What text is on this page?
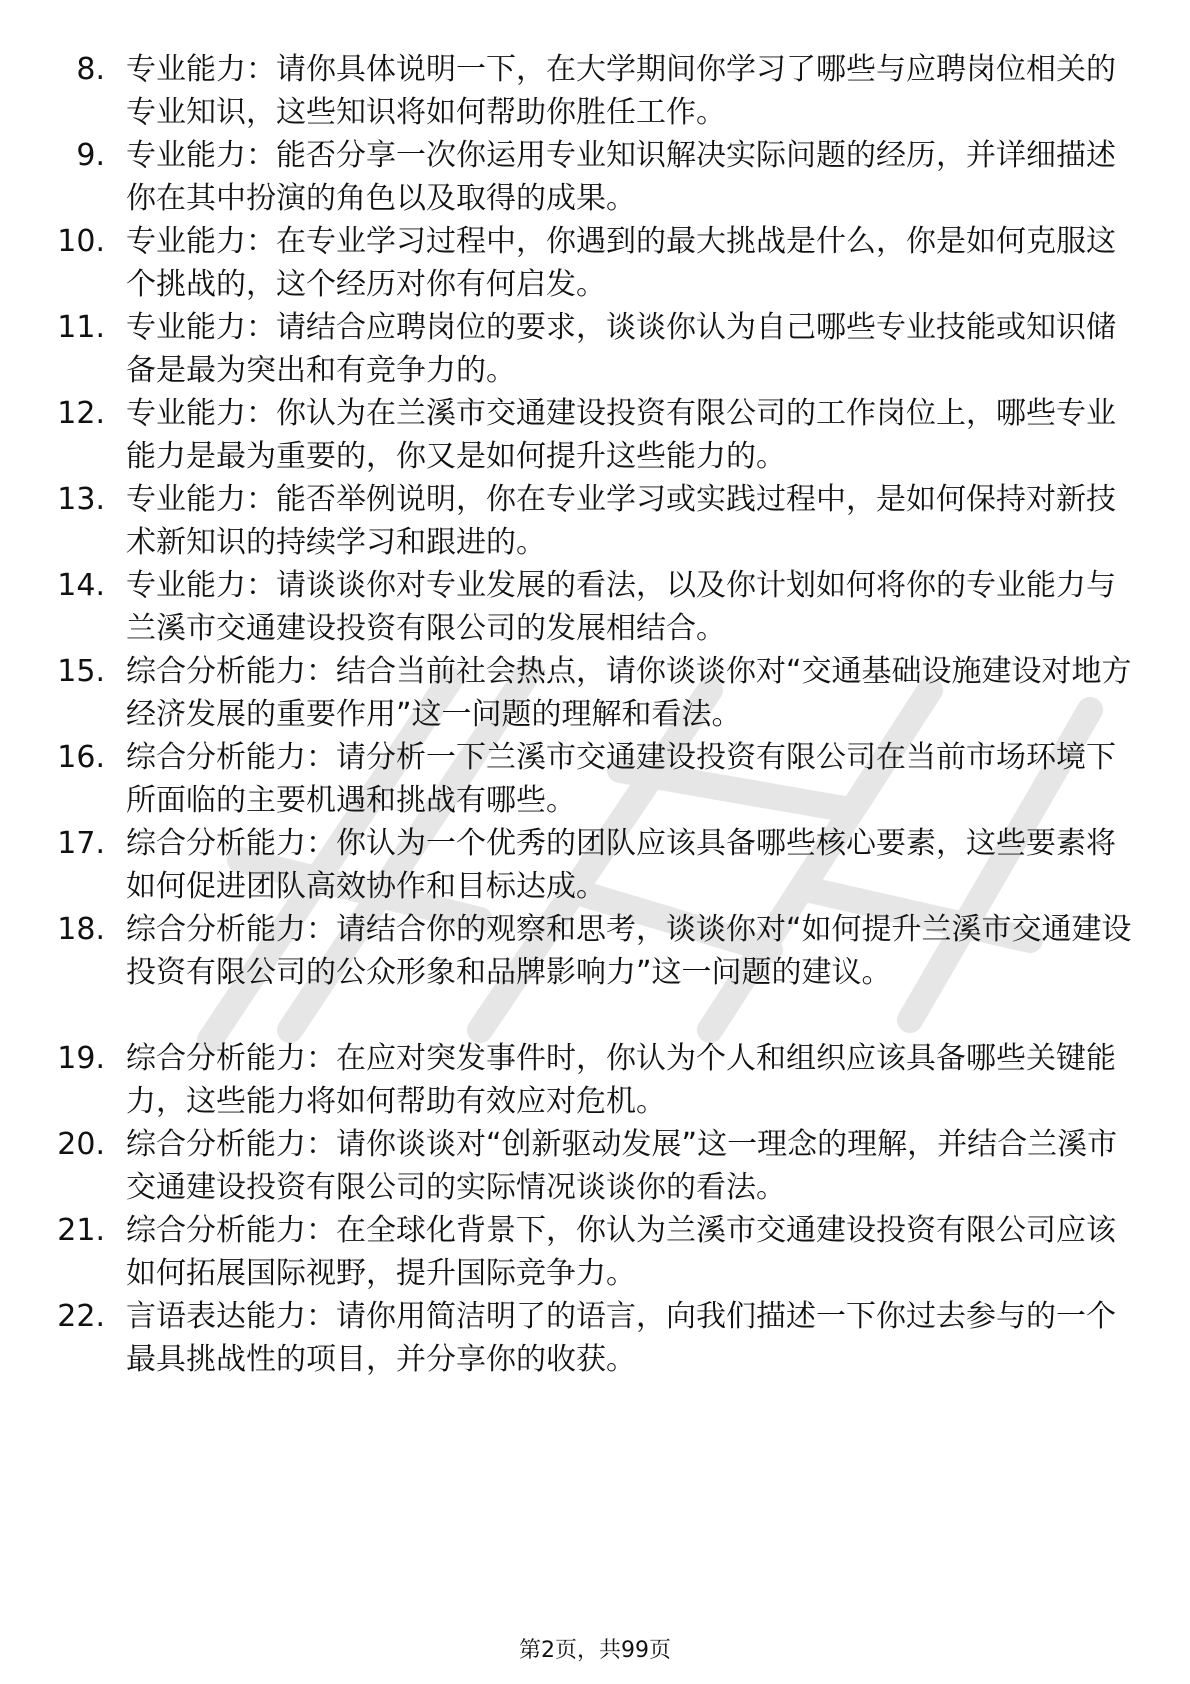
8. 专业能力：请你具体说明一下，在大学期间你学习了哪些与应聘岗位相关的专业知识，这些知识将如何帮助你胜任工作。
9. 专业能力：能否分享一次你运用专业知识解决实际问题的经历，并详细描述你在其中扮演的角色以及取得的成果。
10. 专业能力：在专业学习过程中，你遇到的最大挑战是什么，你是如何克服这个挑战的，这个经历对你有何启发。
11. 专业能力：请结合应聘岗位的要求，谈谈你认为自己哪些专业技能或知识储备是最为突出和有竞争力的。
12. 专业能力：你认为在兰溪市交通建设投资有限公司的工作岗位上，哪些专业能力是最为重要的，你又是如何提升这些能力的。
13. 专业能力：能否举例说明，你在专业学习或实践过程中，是如何保持对新技术新知识的持续学习和跟进的。
14. 专业能力：请谈谈你对专业发展的看法，以及你计划如何将你的专业能力与兰溪市交通建设投资有限公司的发展相结合。
15. 综合分析能力：结合当前社会热点，请你谈谈你对“交通基础设施建设对地方经济发展的重要作用”这一问题的理解和看法。
16. 综合分析能力：请分析一下兰溪市交通建设投资有限公司在当前市场环境下所面临的主要机遇和挑战有哪些。
17. 综合分析能力：你认为一个优秀的团队应该具备哪些核心要素，这些要素将如何促进团队高效协作和目标达成。
18. 综合分析能力：请结合你的观察和思考，谈谈你对“如何提升兰溪市交通建设投资有限公司的公众形象和品牌影响力”这一问题的建议。
19. 综合分析能力：在应对突发事件时，你认为个人和组织应该具备哪些关键能力，这些能力将如何帮助有效应对危机。
20. 综合分析能力：请你谈谈对“创新驱动发展”这一理念的理解，并结合兰溪市交通建设投资有限公司的实际情况谈谈你的看法。
21. 综合分析能力：在全球化背景下，你认为兰溪市交通建设投资有限公司应该如何拓展国际视野，提升国际竞争力。
22. 言语表达能力：请你用简洁明了的语言，向我们描述一下你过去参与的一个最具挑战性的项目，并分享你的收获。
第2页，共99页
